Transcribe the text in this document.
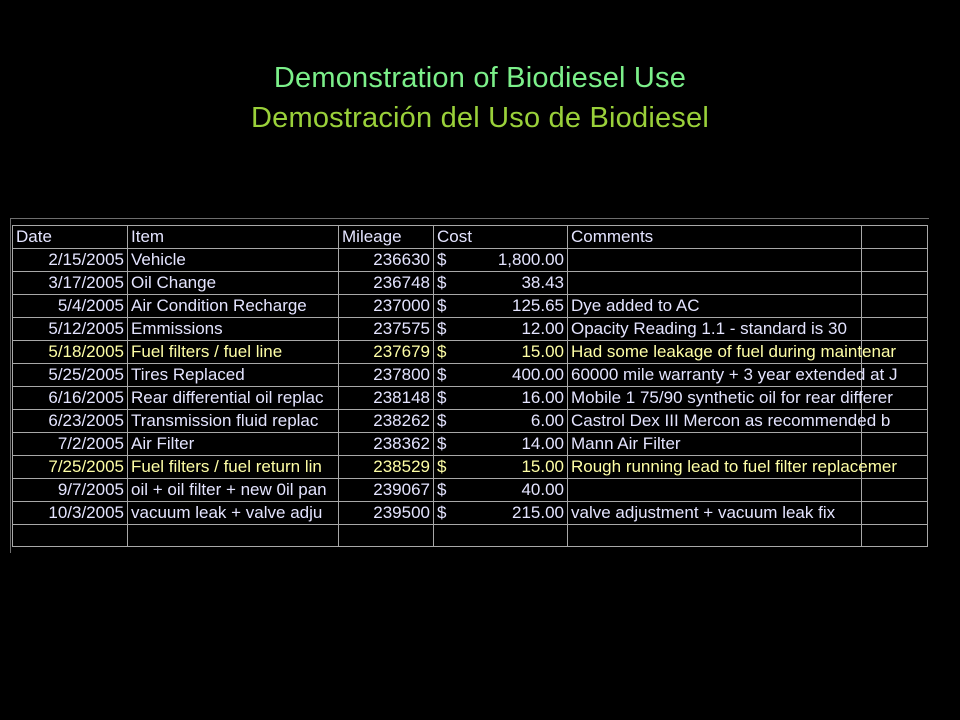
Demonstration of Biodiesel Use
Demostración del Uso de Biodiesel
Date	Item	Mileage	Cost	Comments	
2/15/2005	Vehicle	236630	$ 1,800.00		

3/17/2005	Oil Change	236748	$ 38.43		

5/4/2005	Air Condition Recharge	237000	$ 125.65	Dye added to AC	
5/12/2005	Emmissions	237575	$ 12.00	Opacity Reading 1.1 - standard is 30	
5/18/2005	Fuel filters / fuel line	237679	$ 15.00	Had some leakage of fuel during maintenar	
5/25/2005	Tires Replaced	237800	$ 400.00	60000 mile warranty + 3 year extended at J	
6/16/2005	Rear differential oil replac	238148	$ 16.00	Mobile 1 75/90 synthetic oil for rear differer	
6/23/2005	Transmission fluid replac	238262	$ 6.00	Castrol Dex III Mercon as recommended b	
7/2/2005	Air Filter	238362	$ 14.00	Mann Air Filter	
7/25/2005	Fuel filters / fuel return lin	238529	$ 15.00	Rough running lead to fuel filter replacemer	
9/7/2005	oil + oil filter + new 0il pan	239067	$ 40.00		

10/3/2005	vacuum leak + valve adju	239500	$ 215.00	valve adjustment + vacuum leak fix	
